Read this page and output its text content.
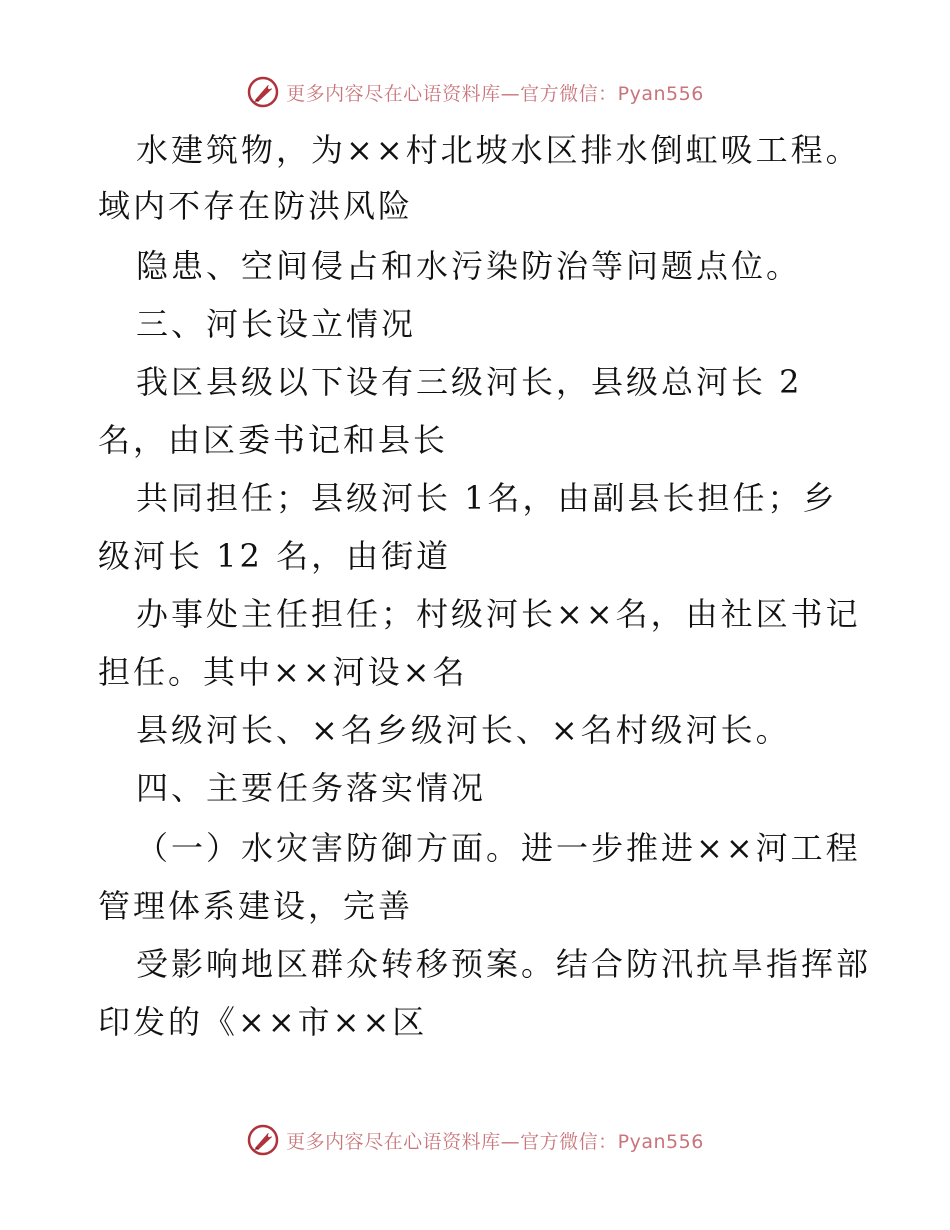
更多内容尽在心语资料库—官方微信：Pyan556
水建筑物，为××村北坡水区排水倒虹吸工程。
域内不存在防洪风险
隐患、空间侵占和水污染防治等问题点位。
三、河长设立情况
我区县级以下设有三级河长，县级总河长 2
名，由区委书记和县长
共同担任；县级河长 1名，由副县长担任；乡
级河长 12 名，由街道
办事处主任担任；村级河长××名，由社区书记
担任。其中××河设×名
县级河长、×名乡级河长、×名村级河长。
四、主要任务落实情况
（一）水灾害防御方面。进一步推进××河工程
管理体系建设，完善
受影响地区群众转移预案。结合防汛抗旱指挥部
印发的《××市××区
更多内容尽在心语资料库—官方微信：Pyan556
